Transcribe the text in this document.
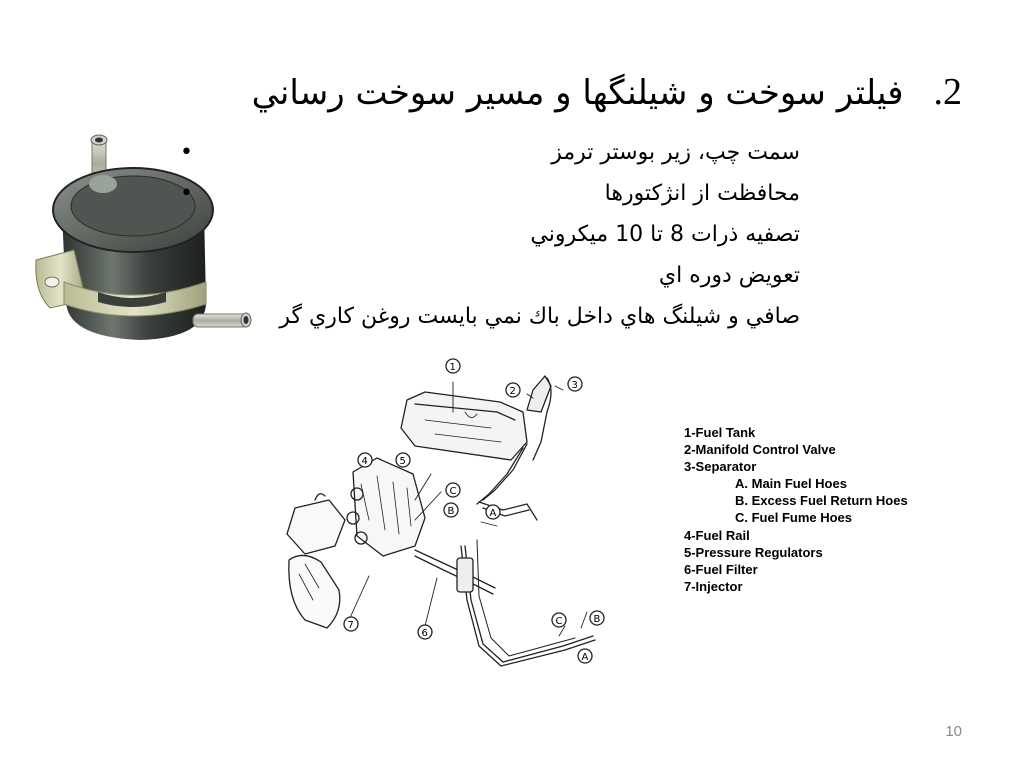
2.فيلتر سوخت و شيلنگها و مسير سوخت رساني
•	سمت چپ، زير بوستر ترمز
•	محافظت از انژكتورها
تصفيه ذرات 8 تا 10 ميكروني
تعويض دوره اي
صافي و شيلنگ هاي داخل باك نمي بايست روغن كاري گر
1
2
3
4	5
6
7
A
B
C
A
B
C
1-Fuel Tank
2-Manifold Control Valve
3-Separator
A. Main Fuel Hoes
B. Excess Fuel Return Hoes
C. Fuel Fume Hoes
4-Fuel Rail
5-Pressure Regulators
6-Fuel Filter
7-Injector
10
